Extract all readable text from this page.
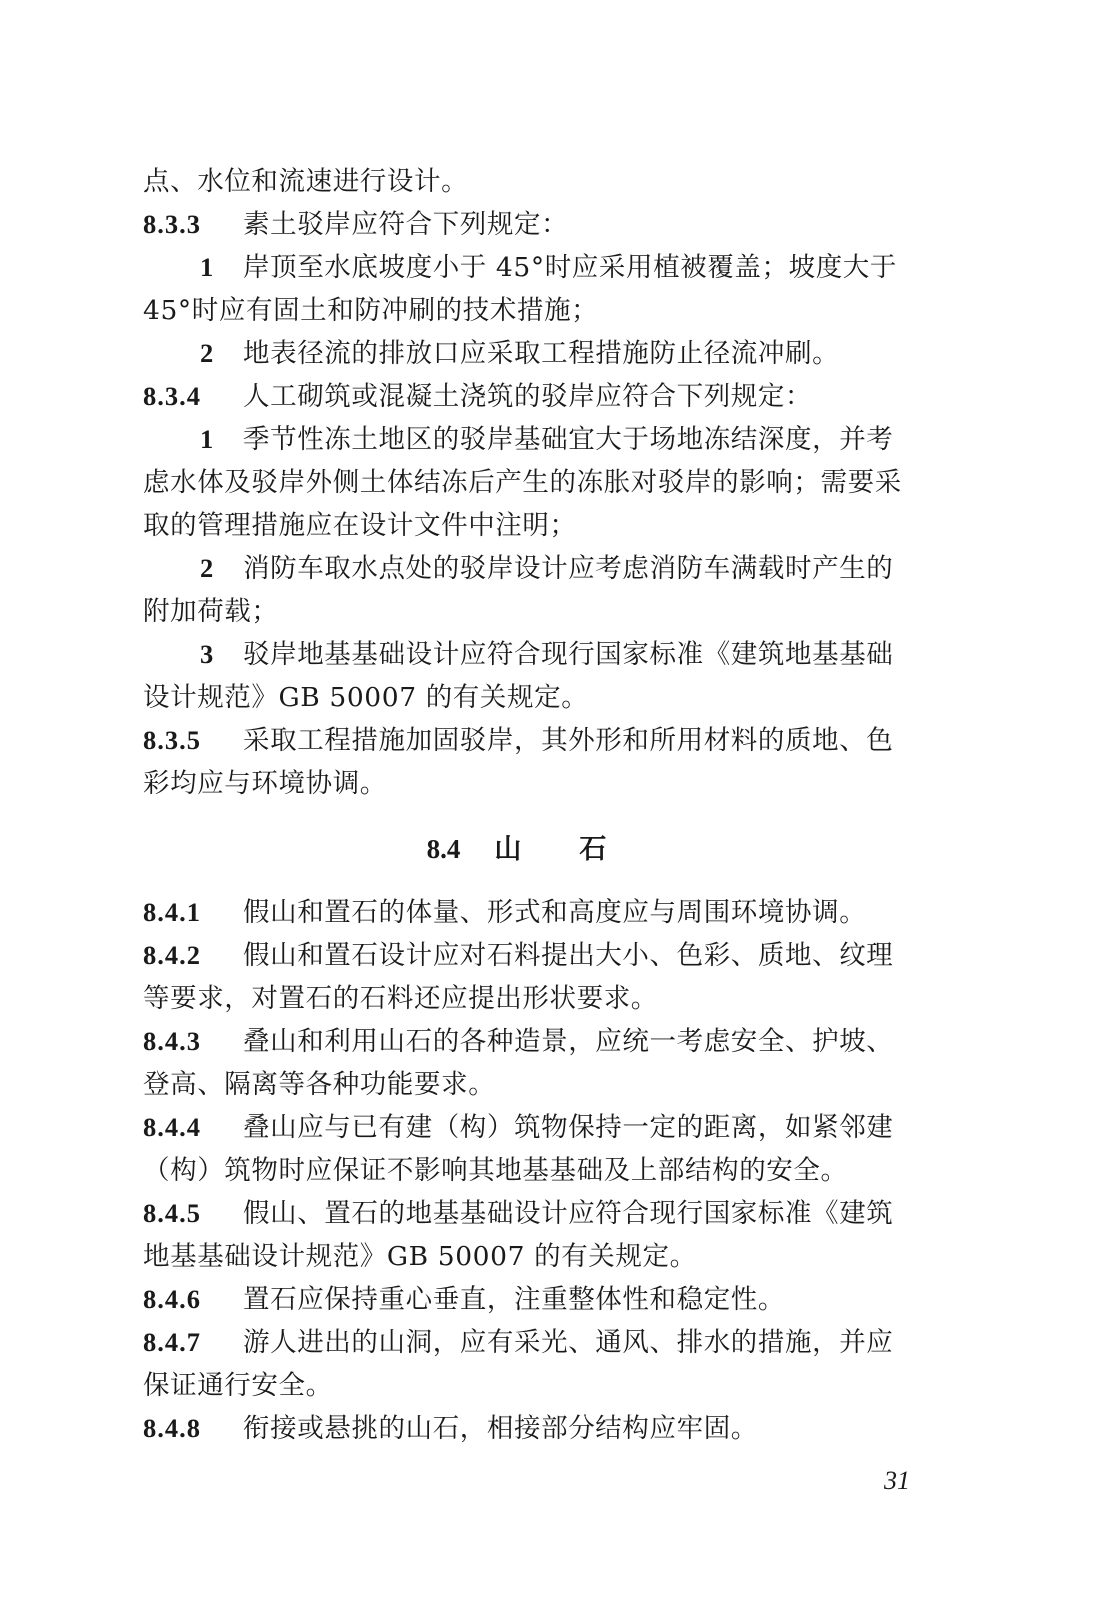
点、水位和流速进行设计。
8.3.3 素土驳岸应符合下列规定：
1 岸顶至水底坡度小于 45°时应采用植被覆盖；坡度大于
45°时应有固土和防冲刷的技术措施；
2 地表径流的排放口应采取工程措施防止径流冲刷。
8.3.4 人工砌筑或混凝土浇筑的驳岸应符合下列规定：
1 季节性冻土地区的驳岸基础宜大于场地冻结深度，并考
虑水体及驳岸外侧土体结冻后产生的冻胀对驳岸的影响；需要采
取的管理措施应在设计文件中注明；
2 消防车取水点处的驳岸设计应考虑消防车满载时产生的
附加荷载；
3 驳岸地基基础设计应符合现行国家标准《建筑地基基础
设计规范》GB 50007 的有关规定。
8.3.5 采取工程措施加固驳岸，其外形和所用材料的质地、色
彩均应与环境协调。
8.4 山石
8.4.1 假山和置石的体量、形式和高度应与周围环境协调。
8.4.2 假山和置石设计应对石料提出大小、色彩、质地、纹理
等要求，对置石的石料还应提出形状要求。
8.4.3 叠山和利用山石的各种造景，应统一考虑安全、护坡、
登高、隔离等各种功能要求。
8.4.4 叠山应与已有建（构）筑物保持一定的距离，如紧邻建
（构）筑物时应保证不影响其地基基础及上部结构的安全。
8.4.5 假山、置石的地基基础设计应符合现行国家标准《建筑
地基基础设计规范》GB 50007 的有关规定。
8.4.6 置石应保持重心垂直，注重整体性和稳定性。
8.4.7 游人进出的山洞，应有采光、通风、排水的措施，并应
保证通行安全。
8.4.8 衔接或悬挑的山石，相接部分结构应牢固。
31
